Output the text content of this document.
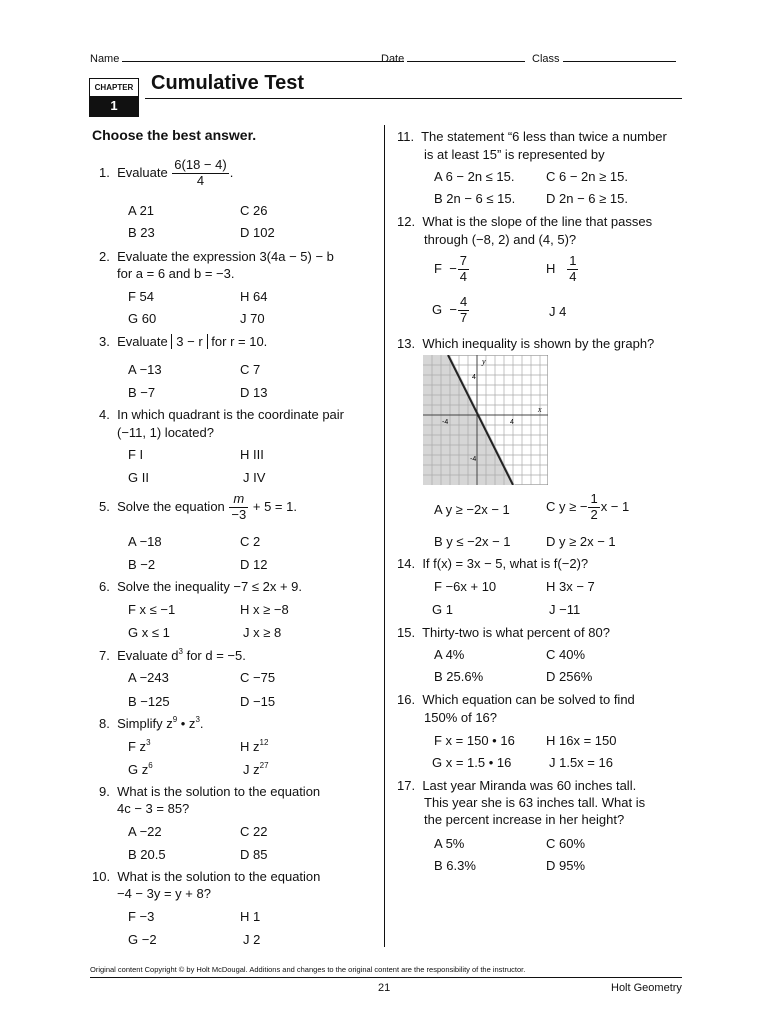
Name	Date	Class
CHAPTER
1
Cumulative Test
Choose the best answer.
1. Evaluate $\frac{6(18 - 4)}{4}$ .
A 21	C 26
B 23	D 102
2. Evaluate the expression 3(4a − 5) − b
for a = 6 and b = −3.
F 54	H 64
G 60	J 70
3. Evaluate 3 − r for r = 10.
A −13	C 7
B −7	D 13
4. In which quadrant is the coordinate pair
(−11, 1) located?
F I	H III
G II	J IV
5. Solve the equation $\frac{m}{-3} + 5 = 1$.
A −18	C 2
B −2	D 12
6. Solve the inequality −7 ≤ 2x + 9.
F x ≤ −1	H x ≥ −8
G x ≤ 1	J x ≥ 8
7. Evaluate $d^3$ for d = −5.
A −243	C −75
B −125	D −15
8. Simplify $z^9$ • $z^3$.
F $z^3$	H $z^{12}$
G $z^6$	J $z^{27}$
9. What is the solution to the equation
4c − 3 = 85?
A −22	C 22
B 20.5	D 85
10. What is the solution to the equation
−4 − 3y = y + 8?
F −3	H 1
G −2	J 2
11. The statement “6 less than twice a number
is at least 15” is represented by
A 6 − 2n ≤ 15. C 6 − 2n ≥ 15.
B 2n − 6 ≤ 15. D 2n − 6 ≥ 15.
12. What is the slope of the line that passes
through (−8, 2) and (4, 5)?
$F - \frac{7}{4}$	H $\frac{1}{4}$
$G - \frac{4}{7}$	J 4
13. Which inequality is shown by the graph?
y
x
4
-4
-4	4
A y ≥ −2x − 1	C y ≥ − $\frac{1}{2}$ x − 1
B y ≤ −2x − 1	D y ≥ 2x − 1
14. If f(x) = 3x − 5, what is f(−2)?
F −6x + 10	H 3x − 7
G 1	J −11
15. Thirty-two is what percent of 80?
A 4%	C 40%
B 25.6%	D 256%
16. Which equation can be solved to find
150% of 16?
F x = 150 • 16 H 16x = 150
G x = 1.5 • 16	J 1.5x = 16
17. Last year Miranda was 60 inches tall.
This year she is 63 inches tall. What is
the percent increase in her height?
A 5%	C 60%
B 6.3%	D 95%
Original content Copyright © by Holt McDougal. Additions and changes to the original content are the responsibility of the instructor.
21	Holt Geometry
